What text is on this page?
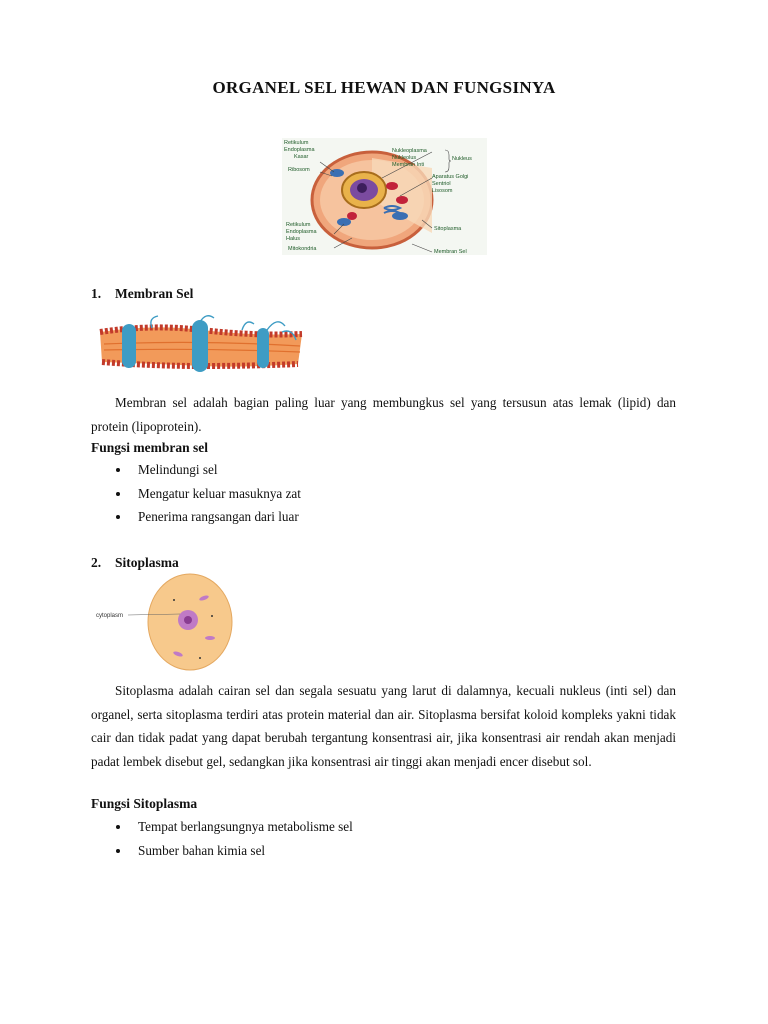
ORGANEL SEL HEWAN DAN FUNGSINYA
Retikulum
Endoplasma
Kasar
Ribosom
Nukleoplasma
Nukleolus
Membran Inti
Nukleus
Aparatus Golgi
Sentriol
Lisosom
Retikulum
Endoplasma
Halus
Mitokondria
Sitoplasma
Membran Sel
1. Membran Sel
Membran sel adalah bagian paling luar yang membungkus sel yang tersusun atas lemak (lipid) dan protein (lipoprotein).
Fungsi membran sel
Melindungi sel
Mengatur keluar masuknya zat
Penerima rangsangan dari luar
2. Sitoplasma
cytoplasm
Sitoplasma adalah cairan sel dan segala sesuatu yang larut di dalamnya, kecuali nukleus (inti sel) dan organel, serta sitoplasma terdiri atas protein material dan air. Sitoplasma bersifat koloid kompleks yakni tidak cair dan tidak padat yang dapat berubah tergantung konsentrasi air, jika konsentrasi air rendah akan menjadi padat lembek disebut gel, sedangkan jika konsentrasi air tinggi akan menjadi encer disebut sol.
Fungsi Sitoplasma
Tempat berlangsungnya metabolisme sel
Sumber bahan kimia sel
